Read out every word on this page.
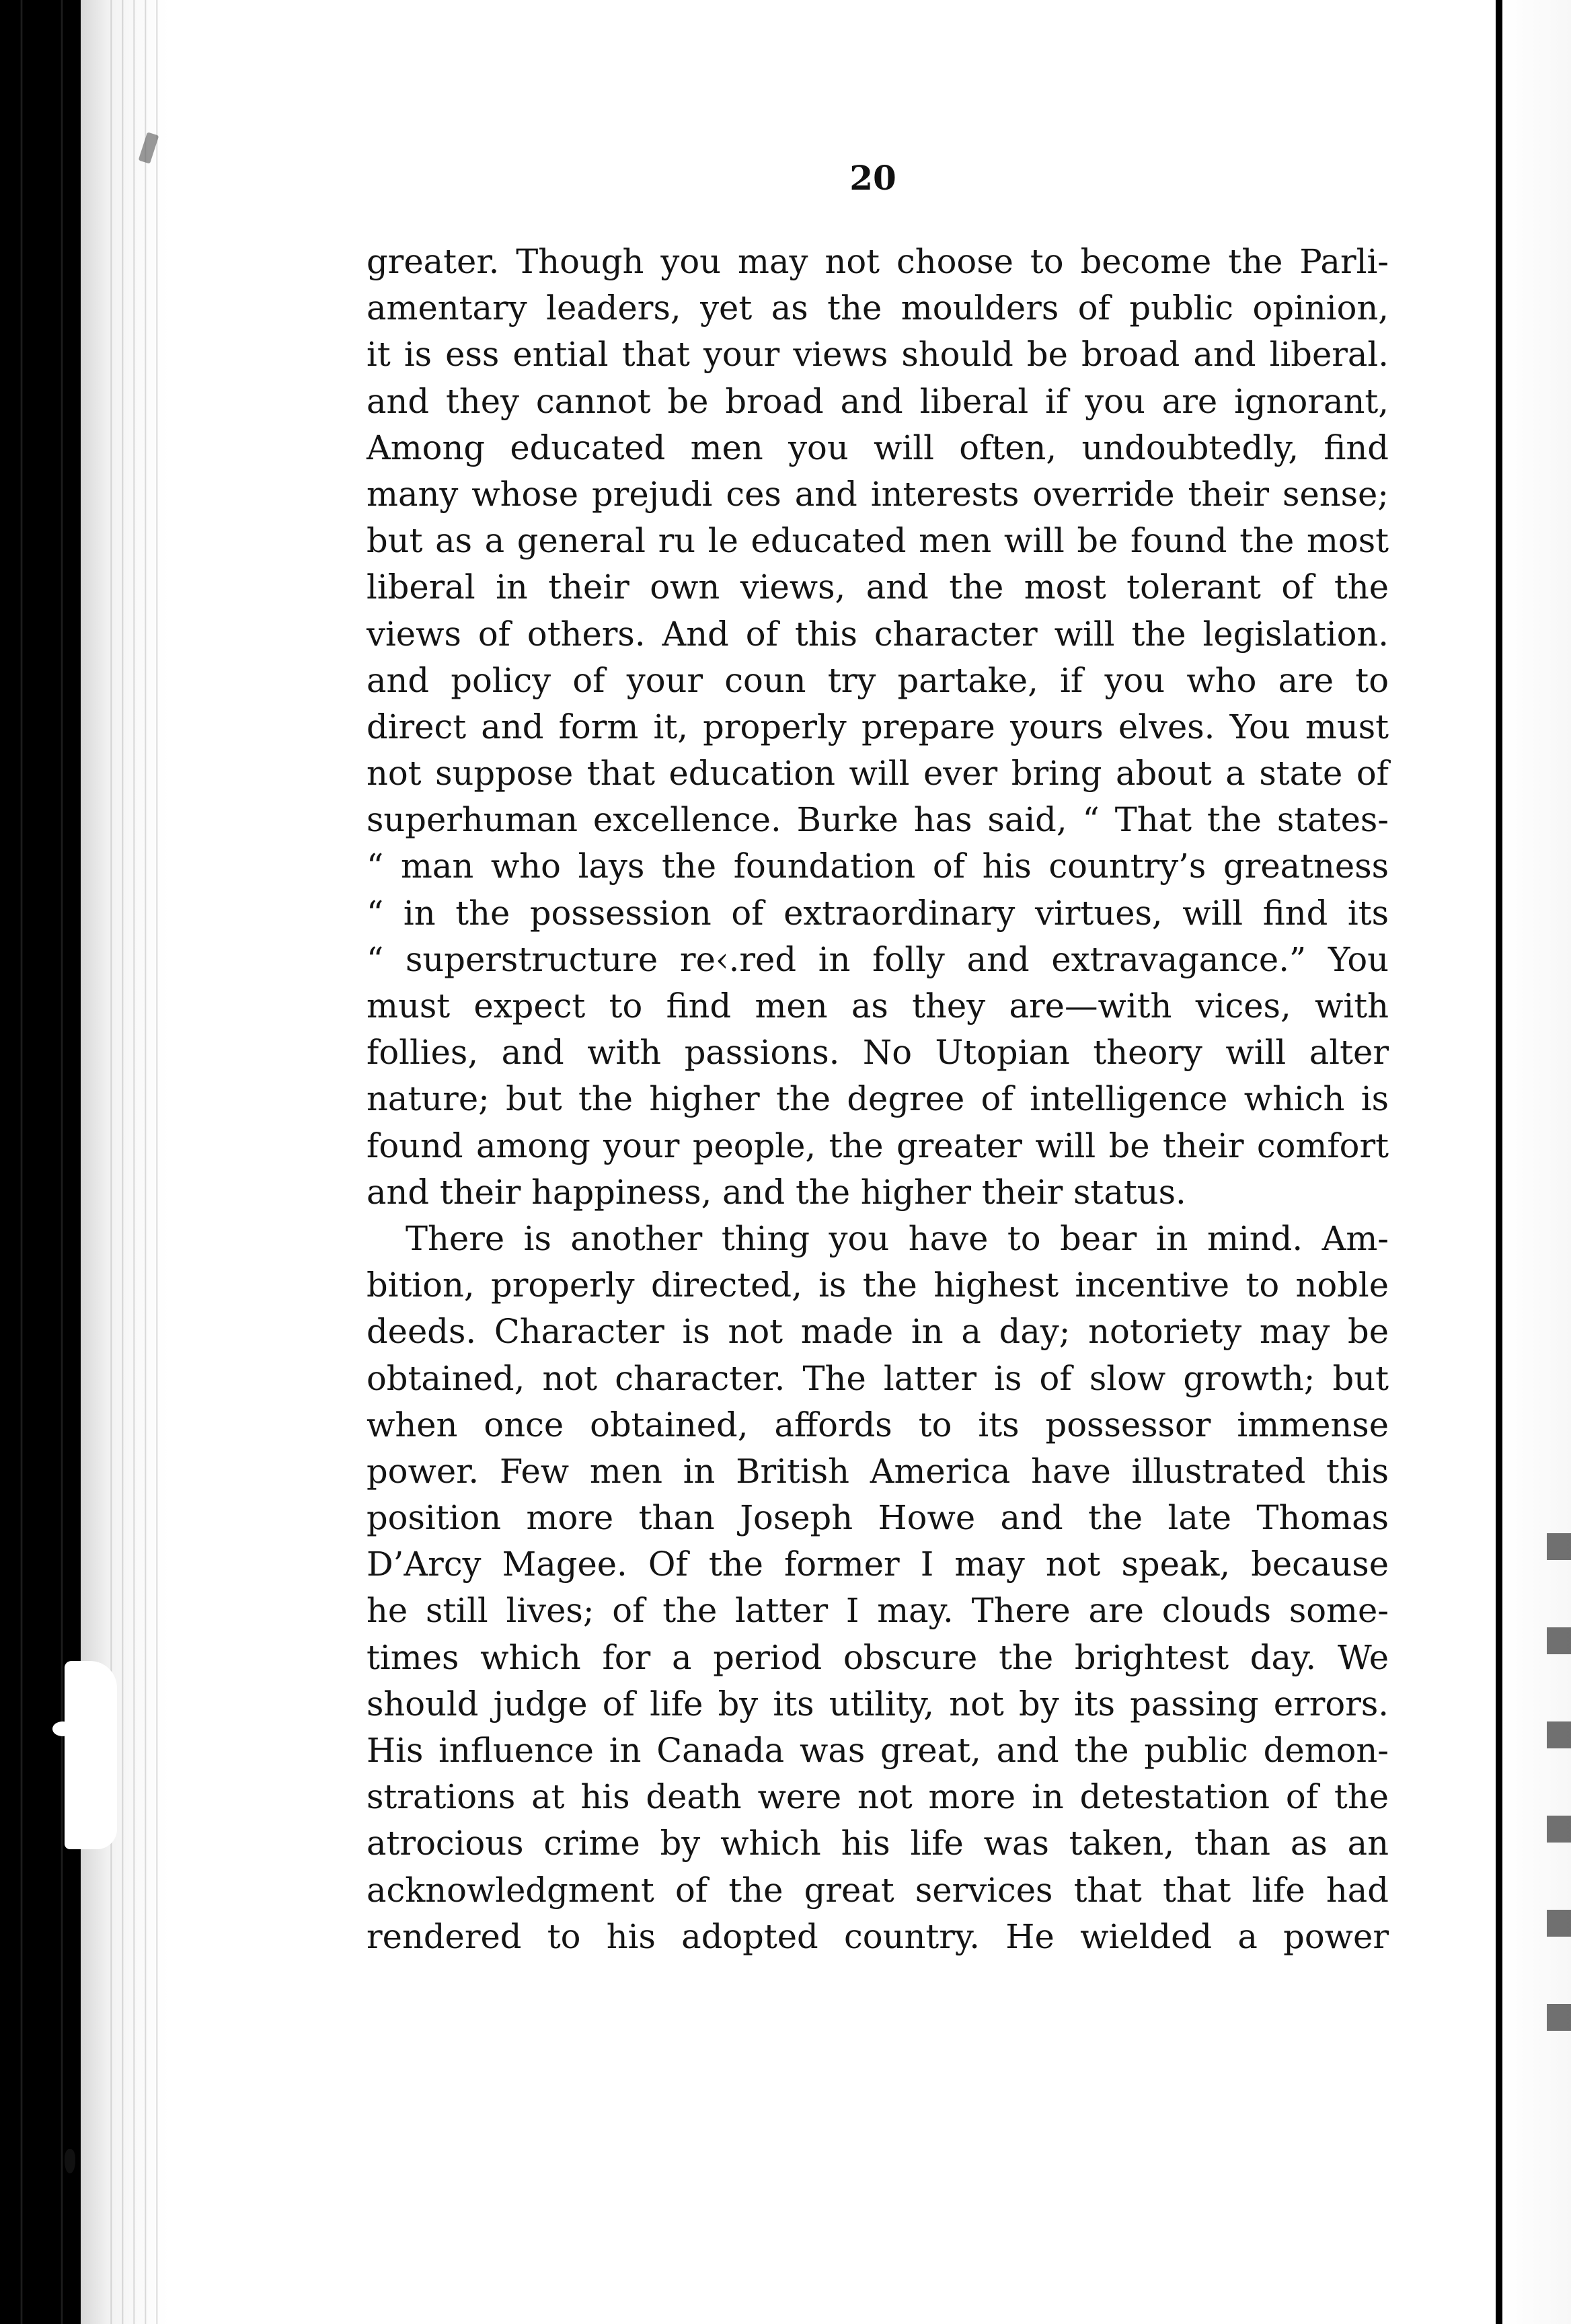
20
greater. Though you may not choose to become the Parli-
amentary leaders, yet as the moulders of public opinion,
it is ess ential that your views should be broad and liberal.
and they cannot be broad and liberal if you are ignorant,
Among educated men you will often, undoubtedly, find
many whose prejudi ces and interests override their sense;
but as a general ru le educated men will be found the most
liberal in their own views, and the most tolerant of the
views of others. And of this character will the legislation.
and policy of your coun try partake, if you who are to
direct and form it, properly prepare yours elves. You must
not suppose that education will ever bring about a state of
superhuman excellence. Burke has said, “ That the states-
“ man who lays the foundation of his country’s greatness
“ in the possession of extraordinary virtues, will find its
“ superstructure re‹.red in folly and extravagance.” You
must expect to find men as they are—with vices, with
follies, and with passions. No Utopian theory will alter
nature; but the higher the degree of intelligence which is
found among your people, the greater will be their comfort
and their happiness, and the higher their status.
There is another thing you have to bear in mind. Am-
bition, properly directed, is the highest incentive to noble
deeds. Character is not made in a day; notoriety may be
obtained, not character. The latter is of slow growth; but
when once obtained, affords to its possessor immense
power. Few men in British America have illustrated this
position more than Joseph Howe and the late Thomas
D’Arcy Magee. Of the former I may not speak, because
he still lives; of the latter I may. There are clouds some-
times which for a period obscure the brightest day. We
should judge of life by its utility, not by its passing errors.
His influence in Canada was great, and the public demon-
strations at his death were not more in detestation of the
atrocious crime by which his life was taken, than as an
acknowledgment of the great services that that life had
rendered to his adopted country. He wielded a power
